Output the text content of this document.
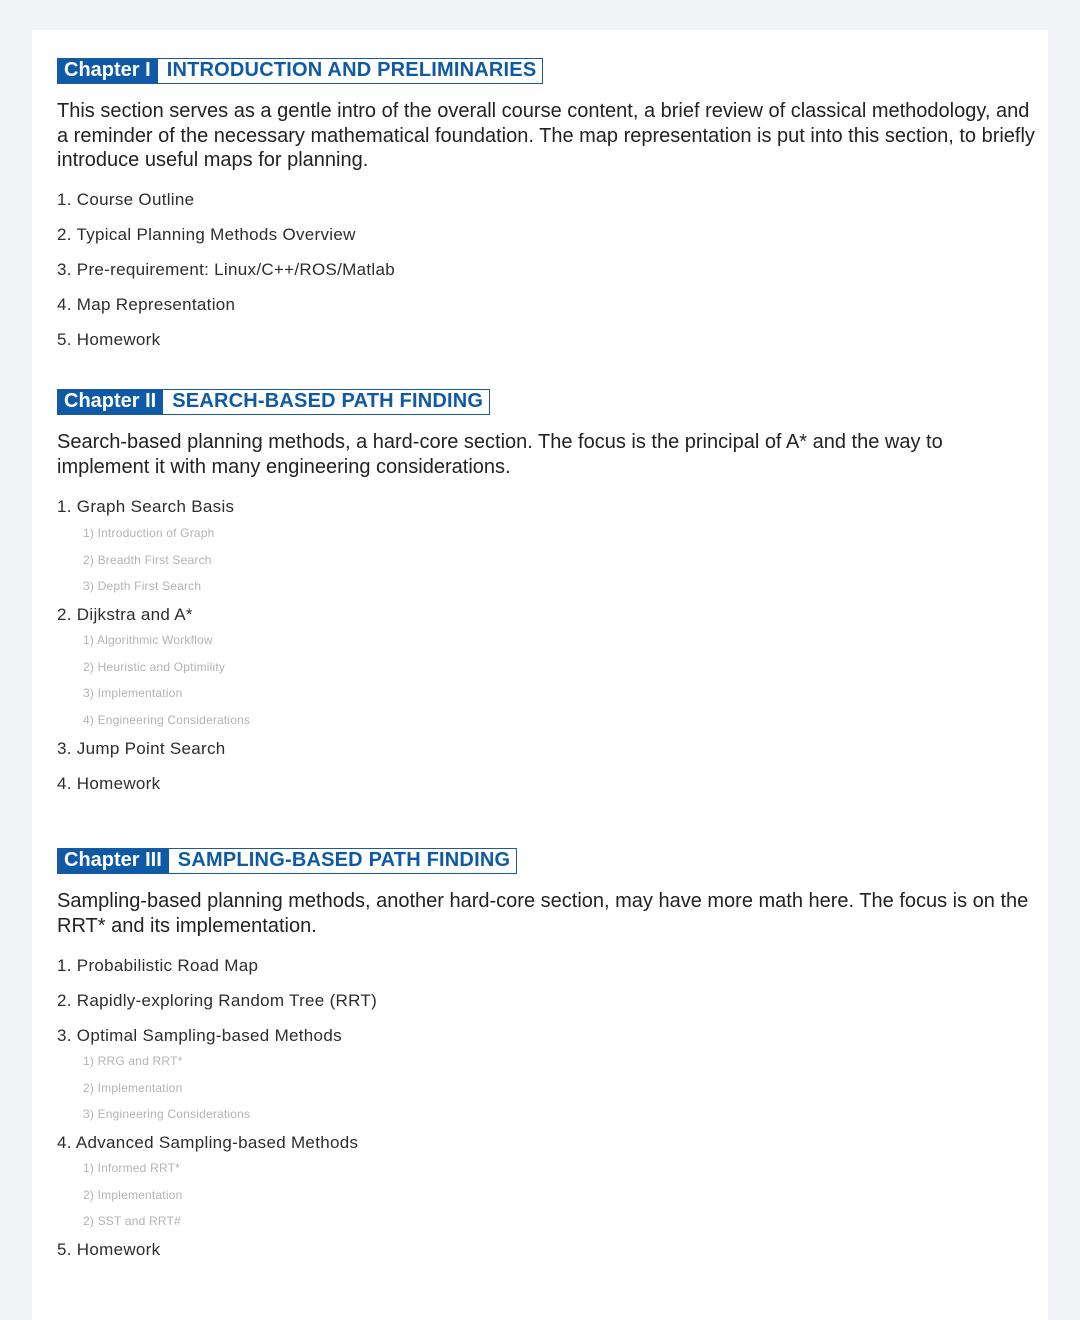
Chapter I INTRODUCTION AND PRELIMINARIES

This section serves as a gentle intro of the overall course content, a brief review of classical methodology, and a reminder of the necessary mathematical foundation. The map representation is put into this section, to briefly introduce useful maps for planning.

1. Course Outline
2. Typical Planning Methods Overview
3. Pre-requirement: Linux/C++/ROS/Matlab
4. Map Representation
5. Homework
Chapter II SEARCH-BASED PATH FINDING

Search-based planning methods, a hard-core section. The focus is the principal of A* and the way to implement it with many engineering considerations.

1. Graph Search Basis
1) Introduction of Graph
2) Breadth First Search
3) Depth First Search
2. Dijkstra and A*
1) Algorithmic Workflow
2) Heuristic and Optimility
3) Implementation
4) Engineering Considerations
3. Jump Point Search
4. Homework
Chapter III SAMPLING-BASED PATH FINDING

Sampling-based planning methods, another hard-core section, may have more math here. The focus is on the RRT* and its implementation.

1. Probabilistic Road Map
2. Rapidly-exploring Random Tree (RRT)
3. Optimal Sampling-based Methods
1) RRG and RRT*
2) Implementation
3) Engineering Considerations
4. Advanced Sampling-based Methods
1) Informed RRT*
2) Implementation
2) SST and RRT#
5. Homework
